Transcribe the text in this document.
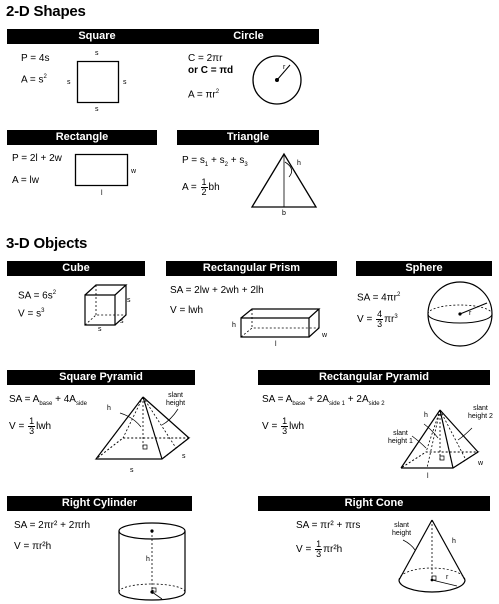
2-D Shapes
Square
P = 4s
$A = s^2$
s
s	s
s
Circle
C = 2πr
or C = πd
$A = \pi r^2$
r
Rectangle
P = 2l + 2w
A = lw
w
l
Triangle
$P = s_1 + s_2 + s_3$
$A = \frac{1}{2}$ bh
h
b
3-D Objects
Cube
SA = $6s^2$
$V = s^3$
s
s
s
Rectangular Prism
SA = 2lw + 2wh + 2lh
V = lwh
h
l
w
Sphere
SA = $4\pi r^2$
$V = \frac{4}{3} \pi r^3$	r
Square Pyramid
SA = $A_{base} + 4A_{side}$
$V = \frac{1}{3}$ lwh
h
slant
height
s
s
Rectangular Pyramid
SA = $A_{base} + 2A_{side 1} + 2A_{side 2}$
$V = \frac{1}{3}$ lwh
h
slant
height 1
slant
height 2
l
w
Right Cylinder
SA = 2πr² + 2πrh
V = πr²h
h
r
Right Cone
SA = πr² + πrs
$V = \frac{1}{3} \pi r^2h$
slant
height
h
r
